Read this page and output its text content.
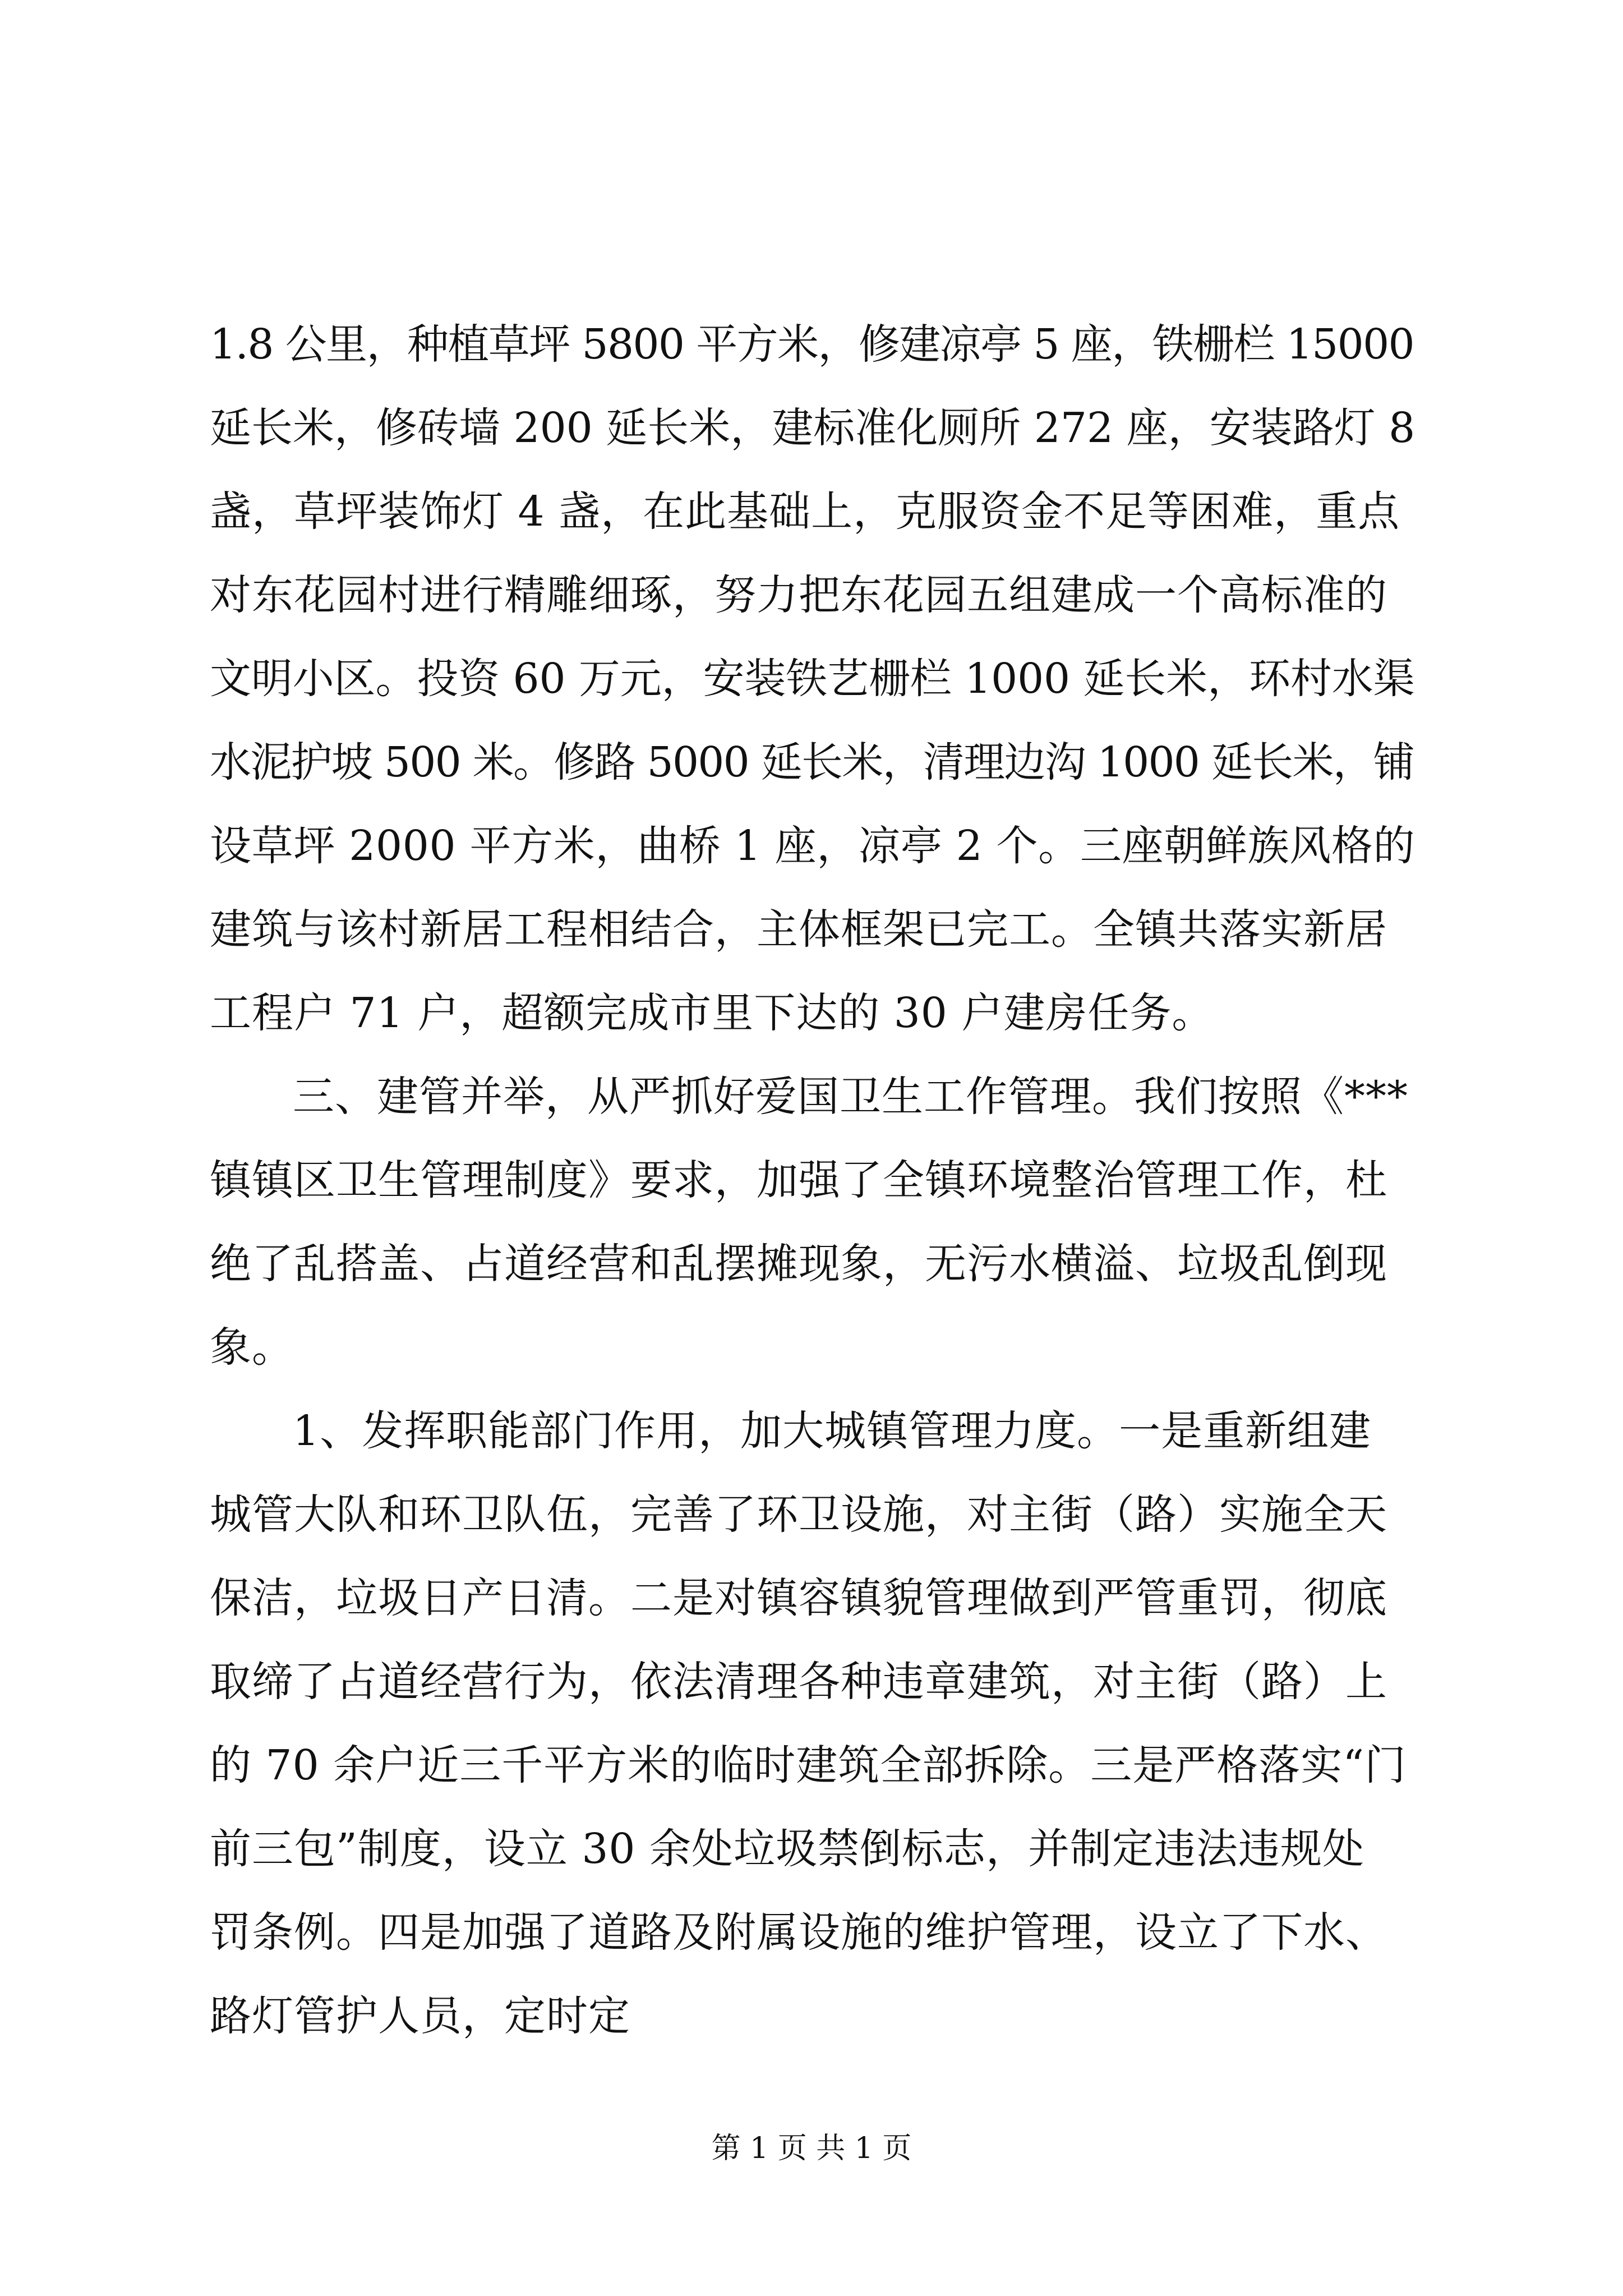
1.8 公里，种植草坪 5800 平方米，修建凉亭 5 座，铁栅栏 15000
延长米，修砖墙 200 延长米，建标准化厕所 272 座，安装路灯 8
盏，草坪装饰灯 4 盏，在此基础上，克服资金不足等困难，重点
对东花园村进行精雕细琢，努力把东花园五组建成一个高标准的
文明小区。投资 60 万元，安装铁艺栅栏 1000 延长米，环村水渠
水泥护坡 500 米。修路 5000 延长米，清理边沟 1000 延长米，铺
设草坪 2000 平方米，曲桥 1 座，凉亭 2 个。三座朝鲜族风格的
建筑与该村新居工程相结合，主体框架已完工。全镇共落实新居
工程户 71 户，超额完成市里下达的 30 户建房任务。
三、建管并举，从严抓好爱国卫生工作管理。我们按照《***
镇镇区卫生管理制度》要求，加强了全镇环境整治管理工作，杜
绝了乱搭盖、占道经营和乱摆摊现象，无污水横溢、垃圾乱倒现
象。
1、发挥职能部门作用，加大城镇管理力度。一是重新组建
城管大队和环卫队伍，完善了环卫设施，对主街（路）实施全天
保洁，垃圾日产日清。二是对镇容镇貌管理做到严管重罚，彻底
取缔了占道经营行为，依法清理各种违章建筑，对主街（路）上
的 70 余户近三千平方米的临时建筑全部拆除。三是严格落实“门
前三包”制度，设立 30 余处垃圾禁倒标志，并制定违法违规处
罚条例。四是加强了道路及附属设施的维护管理，设立了下水、
路灯管护人员，定时定
第 1 页 共 1 页
